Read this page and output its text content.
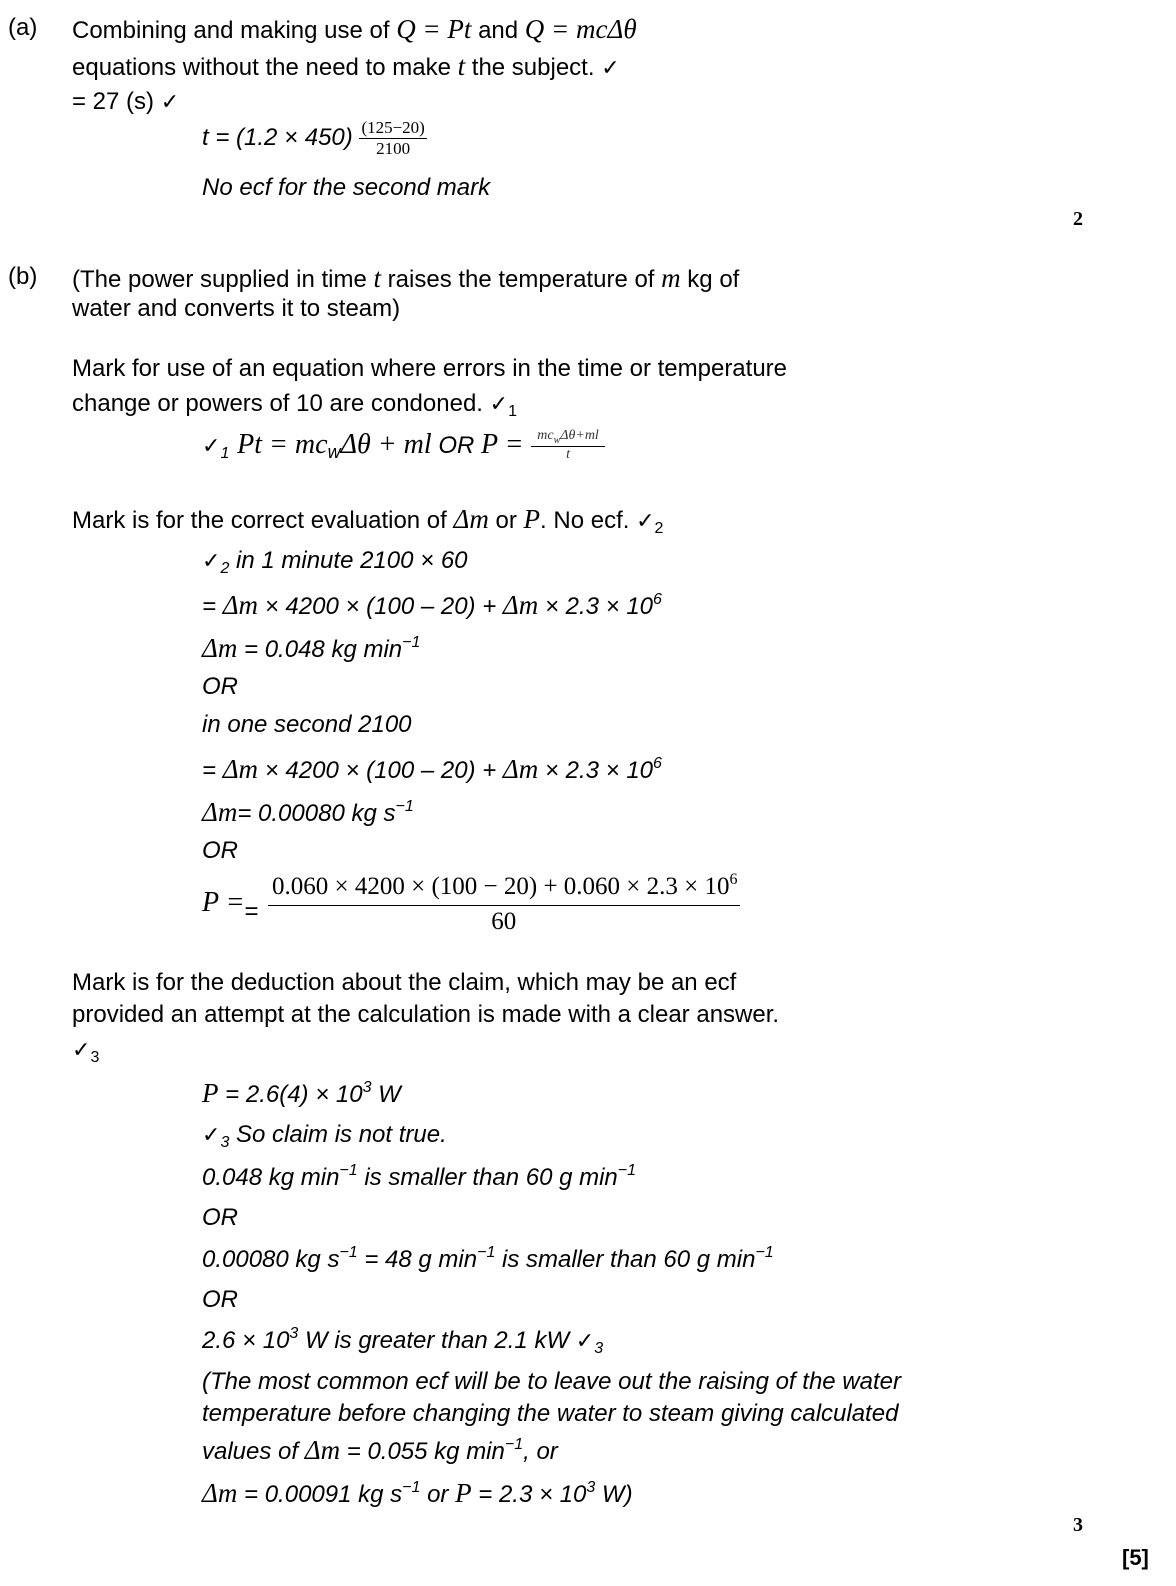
(a) Combining and making use of Q = Pt and Q = mcΔθ
equations without the need to make t the subject. ✓
= 27 (s) ✓
$t = (1.2 \times 450) \frac{(125-20)}{2100}$
No ecf for the second mark
2
(b) (The power supplied in time t raises the temperature of m kg of
water and converts it to steam)
Mark for use of an equation where errors in the time or temperature
change or powers of 10 are condoned. $✓_1$
$✓_1$ $Pt = mc_w\Delta\theta$ + ml OR $P = \frac{mc_w\Delta\theta+ml}{t}$
Mark is for the correct evaluation of Δm or P. No ecf. $✓_2$
$✓_2$ in 1 minute 2100 × 60
= $\Delta m \times 4200 \times (100 - 20) + \Delta m \times 2.3 \times 10^6$
Δm = 0.048 kg $\min^{-1}$
OR
in one second 2100
= $\Delta m \times 4200 \times (100 - 20) + \Delta m \times 2.3 \times 10^6$
Δm= 0.00080 kg $s^{-1}$
OR
$P == \frac{0.060 \times 4200 \times (100 - 20) + 0.060 \times 2.3 \times 10^6}{60}$
Mark is for the deduction about the claim, which may be an ecf
provided an attempt at the calculation is made with a clear answer.
$✓_3$
$P = 2.6(4) \times 10^3$ W
$✓_3$ So claim is not true.
0.048 kg $\min^{-1}$ is smaller than 60 g $\min^{-1}$
OR
0.00080 kg $s^{-1} = 48$ g $\min^{-1}$ is smaller than 60 g $\min^{-1}$
OR
$2.6 \times 10^3$ W is greater than 2.1 kW $✓_3$
(The most common ecf will be to leave out the raising of the water
temperature before changing the water to steam giving calculated
values of Δm = 0.055 kg $\min^{-1}$, or
Δm = 0.00091 kg $s^{-1}$ or $P = 2.3 \times 10^3$ W)
3
[5]
